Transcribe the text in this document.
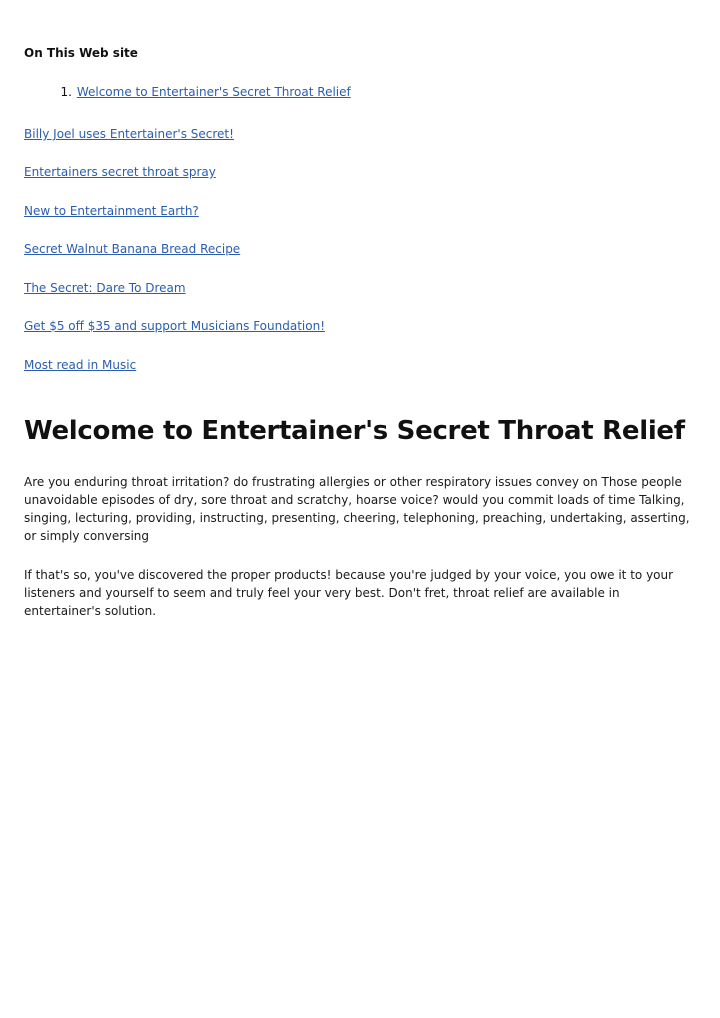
On This Web site

1. Welcome to Entertainer's Secret Throat Relief

Billy Joel uses Entertainer's Secret!

Entertainers secret throat spray

New to Entertainment Earth?

Secret Walnut Banana Bread Recipe

The Secret: Dare To Dream

Get $5 off $35 and support Musicians Foundation!

Most read in Music

Welcome to Entertainer's Secret Throat Relief

Are you enduring throat irritation? do frustrating allergies or other respiratory issues convey on Those people unavoidable episodes of dry, sore throat and scratchy, hoarse voice? would you commit loads of time Talking, singing, lecturing, providing, instructing, presenting, cheering, telephoning, preaching, undertaking, asserting, or simply conversing

If that's so, you've discovered the proper products! because you're judged by your voice, you owe it to your listeners and yourself to seem and truly feel your very best. Don't fret, throat relief are available in entertainer's solution.
